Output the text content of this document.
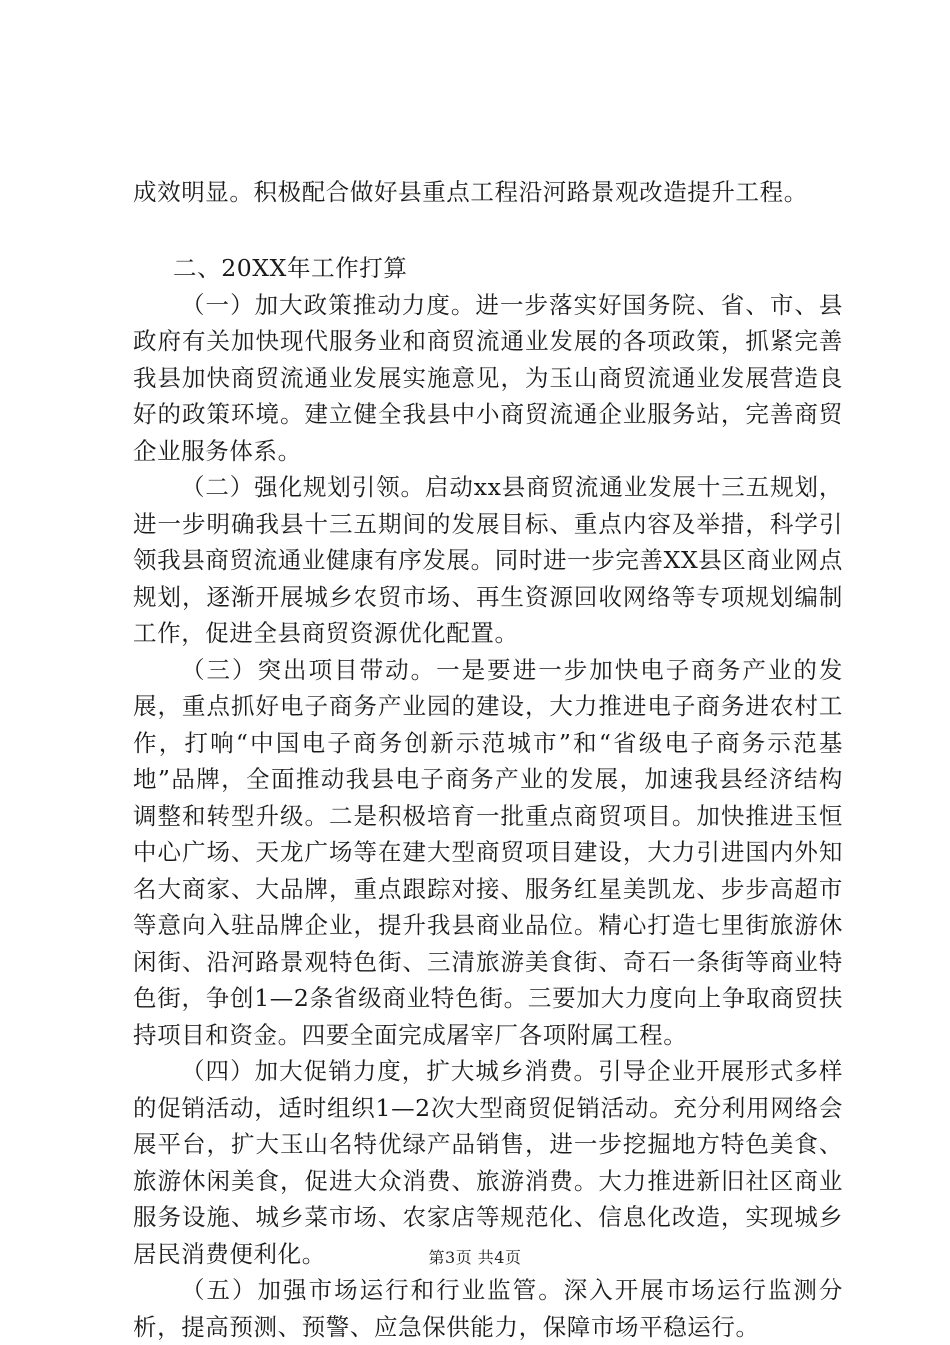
成效明显。积极配合做好县重点工程沿河路景观改造提升工程。

二、20XX年工作打算

（一）加大政策推动力度。进一步落实好国务院、省、市、县政府有关加快现代服务业和商贸流通业发展的各项政策，抓紧完善我县加快商贸流通业发展实施意见，为玉山商贸流通业发展营造良好的政策环境。建立健全我县中小商贸流通企业服务站，完善商贸企业服务体系。

（二）强化规划引领。启动xx县商贸流通业发展十三五规划，进一步明确我县十三五期间的发展目标、重点内容及举措，科学引领我县商贸流通业健康有序发展。同时进一步完善XX县区商业网点规划，逐渐开展城乡农贸市场、再生资源回收网络等专项规划编制工作，促进全县商贸资源优化配置。

（三）突出项目带动。一是要进一步加快电子商务产业的发展，重点抓好电子商务产业园的建设，大力推进电子商务进农村工作，打响“中国电子商务创新示范城市”和“省级电子商务示范基地”品牌，全面推动我县电子商务产业的发展，加速我县经济结构调整和转型升级。二是积极培育一批重点商贸项目。加快推进玉恒中心广场、天龙广场等在建大型商贸项目建设，大力引进国内外知名大商家、大品牌，重点跟踪对接、服务红星美凯龙、步步高超市等意向入驻品牌企业，提升我县商业品位。精心打造七里街旅游休闲街、沿河路景观特色街、三清旅游美食街、奇石一条街等商业特色街，争创1—2条省级商业特色街。三要加大力度向上争取商贸扶持项目和资金。四要全面完成屠宰厂各项附属工程。

（四）加大促销力度，扩大城乡消费。引导企业开展形式多样的促销活动，适时组织1—2次大型商贸促销活动。充分利用网络会展平台，扩大玉山名特优绿产品销售，进一步挖掘地方特色美食、旅游休闲美食，促进大众消费、旅游消费。大力推进新旧社区商业服务设施、城乡菜市场、农家店等规范化、信息化改造，实现城乡居民消费便利化。

（五）加强市场运行和行业监管。深入开展市场运行监测分析，提高预测、预警、应急保供能力，保障市场平稳运行。

第3页 共4页
